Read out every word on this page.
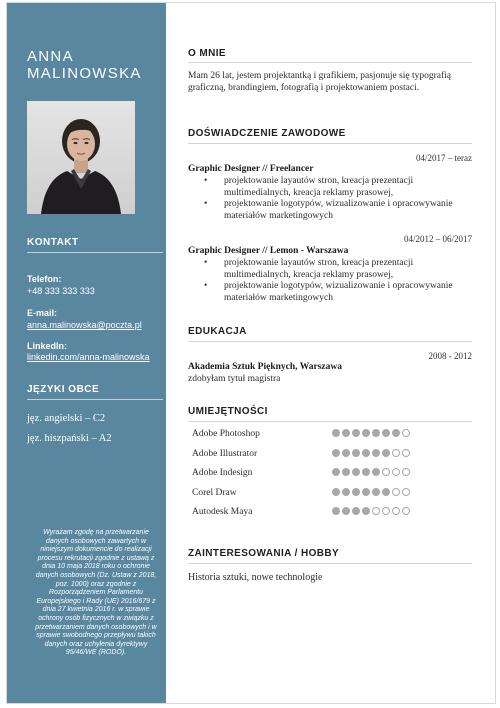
ANNA
MALINOWSKA
KONTAKT
Telefon:
+48 333 333 333
E-mail:
anna.malinowska@poczta.pl
LinkedIn:
linkedin.com/anna-malinowska
JĘZYKI OBCE
jęz. angielski – C2
jęz. hiszpański – A2
Wyrażam zgodę na przetwarzanie danych osobowych zawartych w niniejszym dokumencie do realizacji procesu rekrutacji zgodnie z ustawą z dnia 10 maja 2018 roku o ochronie danych osobowych (Dz. Ustaw z 2018, poz. 1000) oraz zgodnie z Rozporządzeniem Parlamentu Europejskiego i Rady (UE) 2016/679 z dnia 27 kwietnia 2016 r. w sprawie ochrony osób fizycznych w związku z przetwarzaniem danych osobowych i w sprawie swobodnego przepływu takich danych oraz uchylenia dyrektywy 95/46/WE (RODO).
O MNIE
Mam 26 lat, jestem projektantką i grafikiem, pasjonuje się typografią graficzną, brandingiem, fotografią i projektowaniem postaci.
DOŚWIADCZENIE ZAWODOWE
04/2017 – teraz
Graphic Designer // Freelancer
• projektowanie layautów stron, kreacja prezentacji multimedialnych, kreacja reklamy prasowej,
• projektowanie logotypów, wizualizowanie i opracowywanie materiałów marketingowych
04/2012 – 06/2017
Graphic Designer // Lemon - Warszawa
• projektowanie layautów stron, kreacja prezentacji multimedialnych, kreacja reklamy prasowej,
• projektowanie logotypów, wizualizowanie i opracowywanie materiałów marketingowych
EDUKACJA
2008 - 2012
Akademia Sztuk Pięknych, Warszawa
zdobyłam tytuł magistra
UMIEJĘTNOŚCI
Adobe Photoshop
Adobe Illustrator
Adobe Indesign
Corel Draw
Autodesk Maya
ZAINTERESOWANIA / HOBBY
Historia sztuki, nowe technologie
